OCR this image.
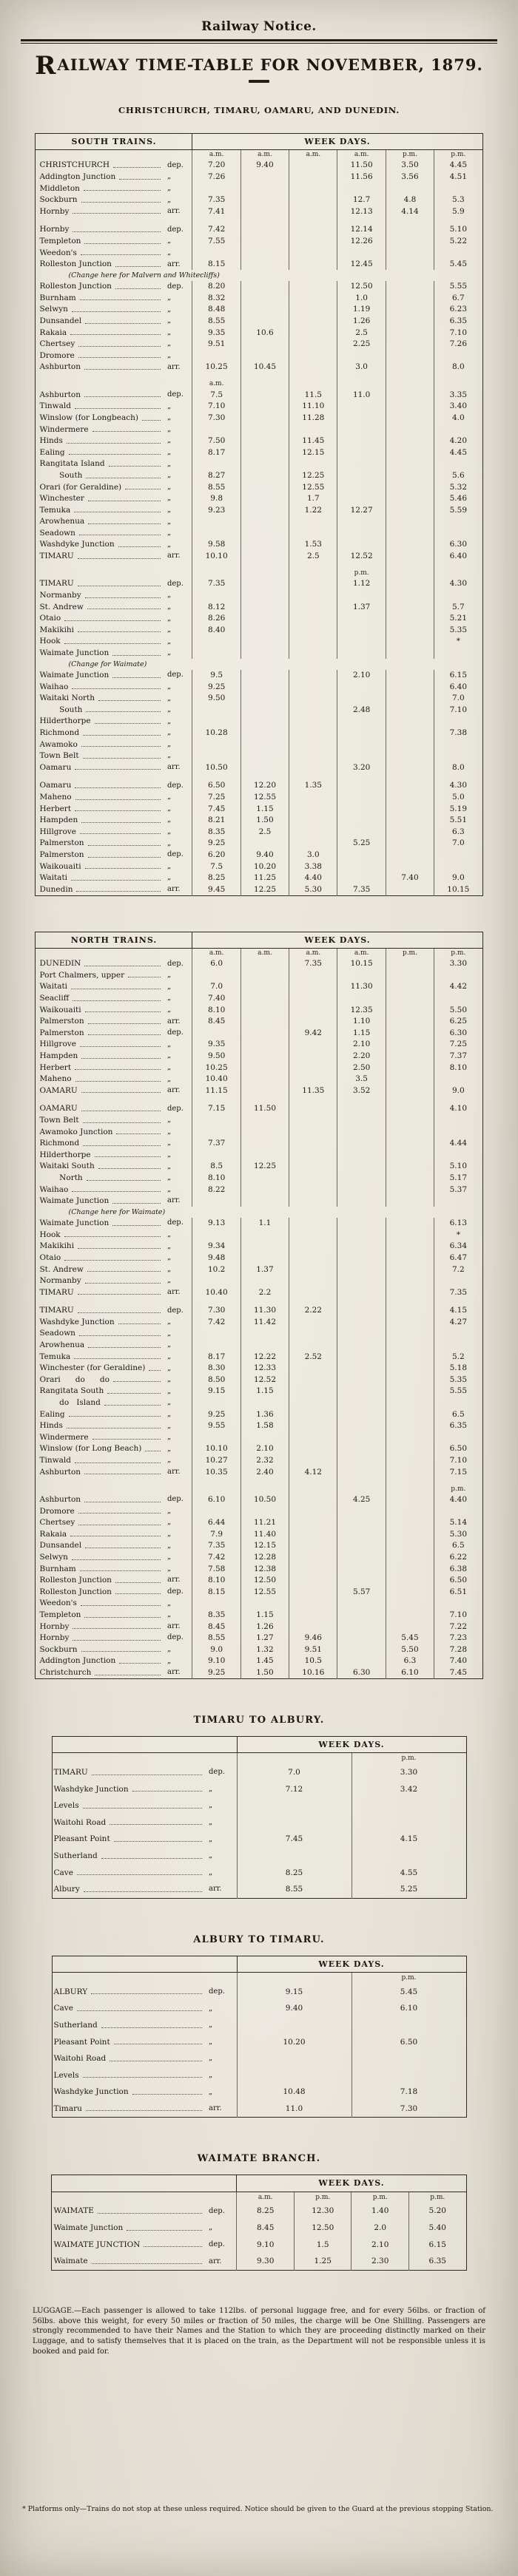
Railway Notice.
RAILWAY TIME-TABLE FOR NOVEMBER, 1879.
CHRISTCHURCH, TIMARU, OAMARU, AND DUNEDIN.
SOUTH TRAINS.		WEEK DAYS.					
		a.m.	a.m.	a.m.	a.m.	p.m.	p.m.

CHRISTCHURCH	dep.	7.20	9.40		11.50	3.50	4.45

Addington Junction	„	7.26			11.56	3.56	4.51

Middleton	„						

Sockburn	„	7.35			12.7	4.8	5.3

Hornby	arr.	7.41			12.13	4.14	5.9

Hornby	dep.	7.42			12.14		5.10

Templeton	„	7.55			12.26		5.22

Weedon's	„						

Rolleston Junction	arr.	8.15			12.45		5.45
(Change here for Malvern and Whitecliffs)							

Rolleston Junction	dep.	8.20			12.50		5.55

Burnham	„	8.32			1.0		6.7

Selwyn	„	8.48			1.19		6.23

Dunsandel	„	8.55			1.26		6.35

Rakaia	„	9.35	10.6		2.5		7.10

Chertsey	„	9.51			2.25		7.26

Dromore	„						

Ashburton	arr.	10.25	10.45		3.0		8.0

		a.m.					

Ashburton	dep.	7.5		11.5	11.0		3.35

Tinwald	„	7.10		11.10			3.40

Winslow (for Longbeach)	„	7.30		11.28			4.0

Windermere	„						

Hinds	„	7.50		11.45			4.20

Ealing	„	8.17		12.15			4.45

Rangitata Island	„						

South	„	8.27		12.25			5.6

Orari (for Geraldine)	„	8.55		12.55			5.32

Winchester	„	9.8		1.7			5.46

Temuka	„	9.23		1.22	12.27		5.59

Arowhenua	„						

Seadown	„						

Washdyke Junction	„	9.58		1.53			6.30

TIMARU	arr.	10.10		2.5	12.52		6.40

					p.m.		

TIMARU	dep.	7.35			1.12		4.30

Normanby	„						

St. Andrew	„	8.12			1.37		5.7

Otaio	„	8.26					5.21

Makikihi	„	8.40					5.35

Hook	„						*

Waimate Junction	„						
(Change for Waimate)							

Waimate Junction	dep.	9.5			2.10		6.15

Waihao	„	9.25					6.40

Waitaki North	„	9.50					7.0

South	„				2.48		7.10

Hilderthorpe	„						

Richmond	„	10.28					7.38

Awamoko	„						

Town Belt	„						

Oamaru	arr.	10.50			3.20		8.0

Oamaru	dep.	6.50	12.20	1.35			4.30

Maheno	„	7.25	12.55				5.0

Herbert	„	7.45	1.15				5.19

Hampden	„	8.21	1.50				5.51

Hillgrove	„	8.35	2.5				6.3

Palmerston	„	9.25			5.25		7.0

Palmerston	dep.	6.20	9.40	3.0			

Waikouaiti	„	7.5	10.20	3.38			

Waitati	„	8.25	11.25	4.40		7.40	9.0

Dunedin	arr.	9.45	12.25	5.30	7.35		10.15
NORTH TRAINS.		WEEK DAYS.					
		a.m.	a.m.	a.m.	a.m.	p.m.	p.m.

DUNEDIN	dep.	6.0		7.35	10.15		3.30

Port Chalmers, upper	„						

Waitati	„	7.0			11.30		4.42

Seacliff	„	7.40					

Waikouaiti	„	8.10			12.35		5.50

Palmerston	arr.	8.45			1.10		6.25

Palmerston	dep.			9.42	1.15		6.30

Hillgrove	„	9.35			2.10		7.25

Hampden	„	9.50			2.20		7.37

Herbert	„	10.25			2.50		8.10

Maheno	„	10.40			3.5		

OAMARU	arr.	11.15		11.35	3.52		9.0

OAMARU	dep.	7.15	11.50				4.10

Town Belt	„						

Awamoko Junction	„						

Richmond	„	7.37					4.44

Hilderthorpe	„						

Waitaki South	„	8.5	12.25				5.10

North	„	8.10					5.17

Waihao	„	8.22					5.37

Waimate Junction	arr.						
(Change here for Waimate)							

Waimate Junction	dep.	9.13	1.1				6.13

Hook	„						*

Makikihi	„	9.34					6.34

Otaio	„	9.48					6.47

St. Andrew	„	10.2	1.37				7.2

Normanby	„						

TIMARU	arr.	10.40	2.2				7.35

TIMARU	dep.	7.30	11.30	2.22			4.15

Washdyke Junction	„	7.42	11.42				4.27

Seadown	„						

Arowhenua	„						

Temuka	„	8.17	12.22	2.52			5.2

Winchester (for Geraldine)	„	8.30	12.33				5.18

Orari      do      do	„	8.50	12.52				5.35

Rangitata South	„	9.15	1.15				5.55

do   Island	„						

Ealing	„	9.25	1.36				6.5

Hinds	„	9.55	1.58				6.35

Windermere	„						

Winslow (for Long Beach)	„	10.10	2.10				6.50

Tinwald	„	10.27	2.32				7.10

Ashburton	arr.	10.35	2.40	4.12			7.15

							p.m.

Ashburton	dep.	6.10	10.50		4.25		4.40

Dromore	„						

Chertsey	„	6.44	11.21				5.14

Rakaia	„	7.9	11.40				5.30

Dunsandel	„	7.35	12.15				6.5

Selwyn	„	7.42	12.28				6.22

Burnham	„	7.58	12.38				6.38

Rolleston Junction	arr.	8.10	12.50				6.50

Rolleston Junction	dep.	8.15	12.55		5.57		6.51

Weedon's	„						

Templeton	„	8.35	1.15				7.10

Hornby	arr.	8.45	1.26				7.22

Hornby	dep.	8.55	1.27	9.46		5.45	7.23

Sockburn	„	9.0	1.32	9.51		5.50	7.28

Addington Junction	„	9.10	1.45	10.5		6.3	7.40

Christchurch	arr.	9.25	1.50	10.16	6.30	6.10	7.45
TIMARU TO ALBURY.
		WEEK DAYS.	
			p.m.

TIMARU	dep.	7.0	3.30

Washdyke Junction	„	7.12	3.42

Levels	„		

Waitohi Road	„		

Pleasant Point	„	7.45	4.15

Sutherland	„		

Cave	„	8.25	4.55

Albury	arr.	8.55	5.25
ALBURY TO TIMARU.
		WEEK DAYS.	
			p.m.

ALBURY	dep.	9.15	5.45

Cave	„	9.40	6.10

Sutherland	„		

Pleasant Point	„	10.20	6.50

Waitohi Road	„		

Levels	„		

Washdyke Junction	„	10.48	7.18

Timaru	arr.	11.0	7.30
WAIMATE BRANCH.
		WEEK DAYS.			
		a.m.	p.m.	p.m.	p.m.

WAIMATE	dep.	8.25	12.30	1.40	5.20

Waimate Junction	„	8.45	12.50	2.0	5.40

WAIMATE JUNCTION	dep.	9.10	1.5	2.10	6.15

Waimate	arr.	9.30	1.25	2.30	6.35

LUGGAGE.—Each passenger is allowed to take 112lbs. of personal luggage free, and for every 56lbs. or fraction of 56lbs. above this weight, for every 50 miles or fraction of 50 miles, the charge will be One Shilling. Passengers are strongly recommended to have their Names and the Station to which they are proceeding distinctly marked on their Luggage, and to satisfy themselves that it is placed on the train, as the Department will not be responsible unless it is booked and paid for.

* Platforms only—Trains do not stop at these unless required. Notice should be given to the Guard at the previous stopping Station.
